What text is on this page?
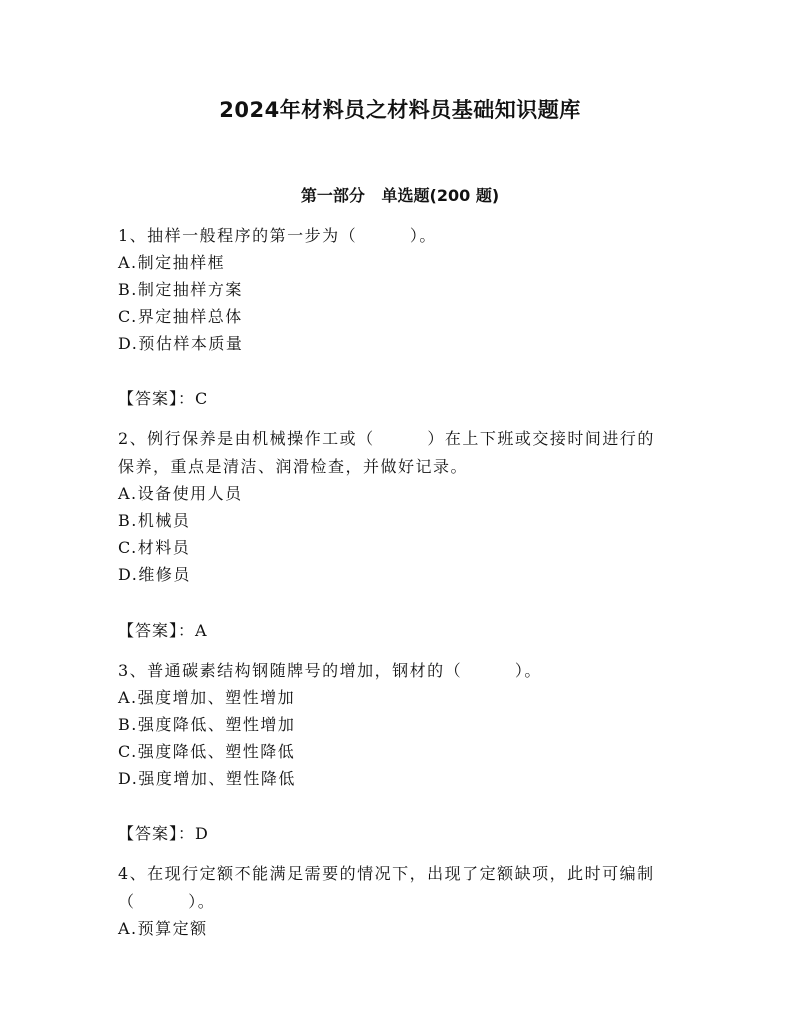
2024年材料员之材料员基础知识题库
第一部分   单选题(200 题)
1、抽样一般程序的第一步为（        ）。
A.制定抽样框
B.制定抽样方案
C.界定抽样总体
D.预估样本质量
【答案】：C
2、例行保养是由机械操作工或（        ）在上下班或交接时间进行的
保养，重点是清洁、润滑检查，并做好记录。
A.设备使用人员
B.机械员
C.材料员
D.维修员
【答案】：A
3、普通碳素结构钢随牌号的增加，钢材的（        ）。
A.强度增加、塑性增加
B.强度降低、塑性增加
C.强度降低、塑性降低
D.强度增加、塑性降低
【答案】：D
4、在现行定额不能满足需要的情况下，出现了定额缺项，此时可编制
（        ）。
A.预算定额
